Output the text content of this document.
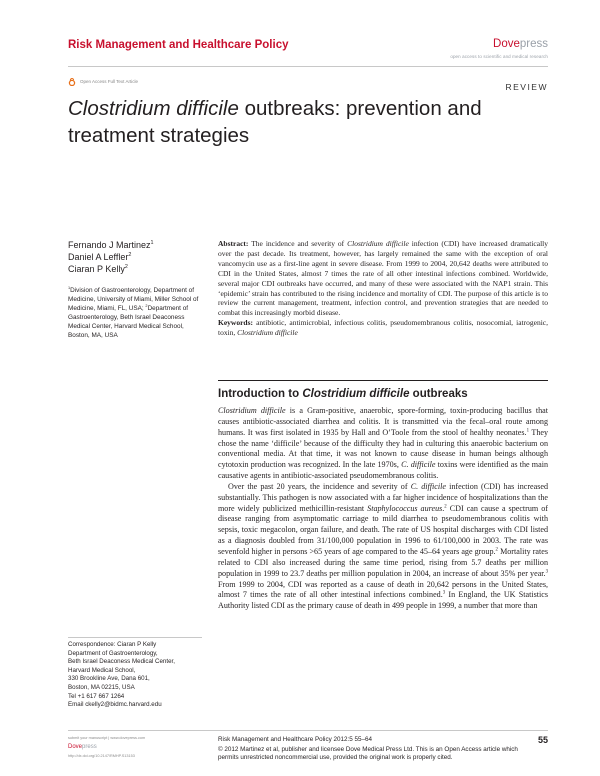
Risk Management and Healthcare Policy	Dovepress
open access to scientific and medical research
Open Access Full Text Article
REVIEW
Clostridium difficile outbreaks: prevention and treatment strategies
Fernando J Martinez$^1$
Daniel A Leffler$^2$
Ciaran P Kelly$^2$
$^1$Division of Gastroenterology, Department of Medicine, University of Miami, Miller School of Medicine, Miami, FL, USA; $^2$Department of Gastroenterology, Beth Israel Deaconess Medical Center, Harvard Medical School, Boston, MA, USA
Abstract: The incidence and severity of Clostridium difficile infection (CDI) have increased dramatically over the past decade. Its treatment, however, has largely remained the same with the exception of oral vancomycin use as a first-line agent in severe disease. From 1999 to 2004, 20,642 deaths were attributed to CDI in the United States, almost 7 times the rate of all other intestinal infections combined. Worldwide, several major CDI outbreaks have occurred, and many of these were associated with the NAP1 strain. This ‘epidemic’ strain has contributed to the rising incidence and mortality of CDI. The purpose of this article is to review the current management, treatment, infection control, and prevention strategies that are needed to combat this increasingly morbid disease.
Keywords: antibiotic, antimicrobial, infectious colitis, pseudomembranous colitis, nosocomial, iatrogenic, toxin, Clostridium difficile
Introduction to Clostridium difficile outbreaks

Clostridium difficile is a Gram-positive, anaerobic, spore-forming, toxin-producing bacillus that causes antibiotic-associated diarrhea and colitis. It is transmitted via the fecal–oral route among humans. It was first isolated in 1935 by Hall and O’Toole from the stool of healthy neonates.$^1$ They chose the name ‘difficile’ because of the difficulty they had in culturing this anaerobic bacterium on conventional media. At that time, it was not known to cause disease in human beings although cytotoxin production was recognized. In the late 1970s, C. difficile toxins were identified as the main causative agents in antibiotic-associated pseudomembranous colitis.

Over the past 20 years, the incidence and severity of C. difficile infection (CDI) has increased substantially. This pathogen is now associated with a far higher incidence of hospitalizations than the more widely publicized methicillin-resistant Staphylococcus aureus.$^2$ CDI can cause a spectrum of disease ranging from asymptomatic carriage to mild diarrhea to pseudomembranous colitis with sepsis, toxic megacolon, organ failure, and death. The rate of US hospital discharges with CDI listed as a diagnosis doubled from 31/100,000 population in 1996 to 61/100,000 in 2003. The rate was sevenfold higher in persons >65 years of age compared to the 45–64 years age group.$^2$ Mortality rates related to CDI also increased during the same time period, rising from 5.7 deaths per million population in 1999 to 23.7 deaths per million population in 2004, an increase of about 35% per year.$^3$ From 1999 to 2004, CDI was reported as a cause of death in 20,642 persons in the United States, almost 7 times the rate of all other intestinal infections combined.$^3$ In England, the UK Statistics Authority listed CDI as the primary cause of death in 499 people in 1999, a number that more than

Correspondence: Ciaran P Kelly
Department of Gastroenterology,
Beth Israel Deaconess Medical Center,
Harvard Medical School,
330 Brookline Ave, Dana 601,
Boston, MA 02215, USA
Tel +1 617 667 1264
Email ckelly2@bidmc.harvard.edu
submit your manuscript | www.dovepress.com
Dovepress
http://dx.doi.org/10.2147/RMHP.S13153
Risk Management and Healthcare Policy 2012:5 55–64
© 2012 Martinez et al, publisher and licensee Dove Medical Press Ltd. This is an Open Access article which permits unrestricted noncommercial use, provided the original work is properly cited.
55
